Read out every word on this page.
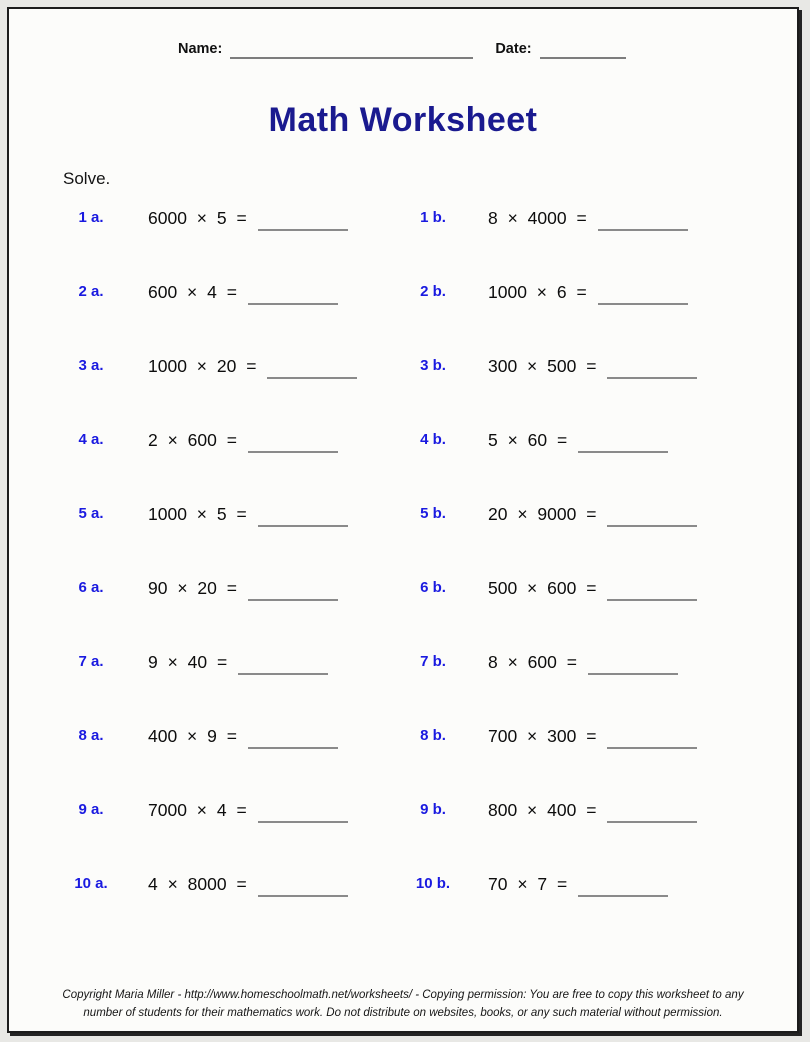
Name:	Date:
Math Worksheet
Solve.
1 a.	6000 × 5 =	1 b.	8 × 4000 =
2 a.	600 × 4 =	2 b.	1000 × 6 =
3 a.	1000 × 20 =	3 b.	300 × 500 =
4 a.	2 × 600 =	4 b.	5 × 60 =
5 a.	1000 × 5 =	5 b.	20 × 9000 =
6 a.	90 × 20 =	6 b.	500 × 600 =
7 a.	9 × 40 =	7 b.	8 × 600 =
8 a.	400 × 9 =	8 b.	700 × 300 =
9 a.	7000 × 4 =	9 b.	800 × 400 =
10 a.	4 × 8000 =	10 b.	70 × 7 =
Copyright Maria Miller - http://www.homeschoolmath.net/worksheets/ - Copying permission: You are free to copy this worksheet to any
number of students for their mathematics work. Do not distribute on websites, books, or any such material without permission.
